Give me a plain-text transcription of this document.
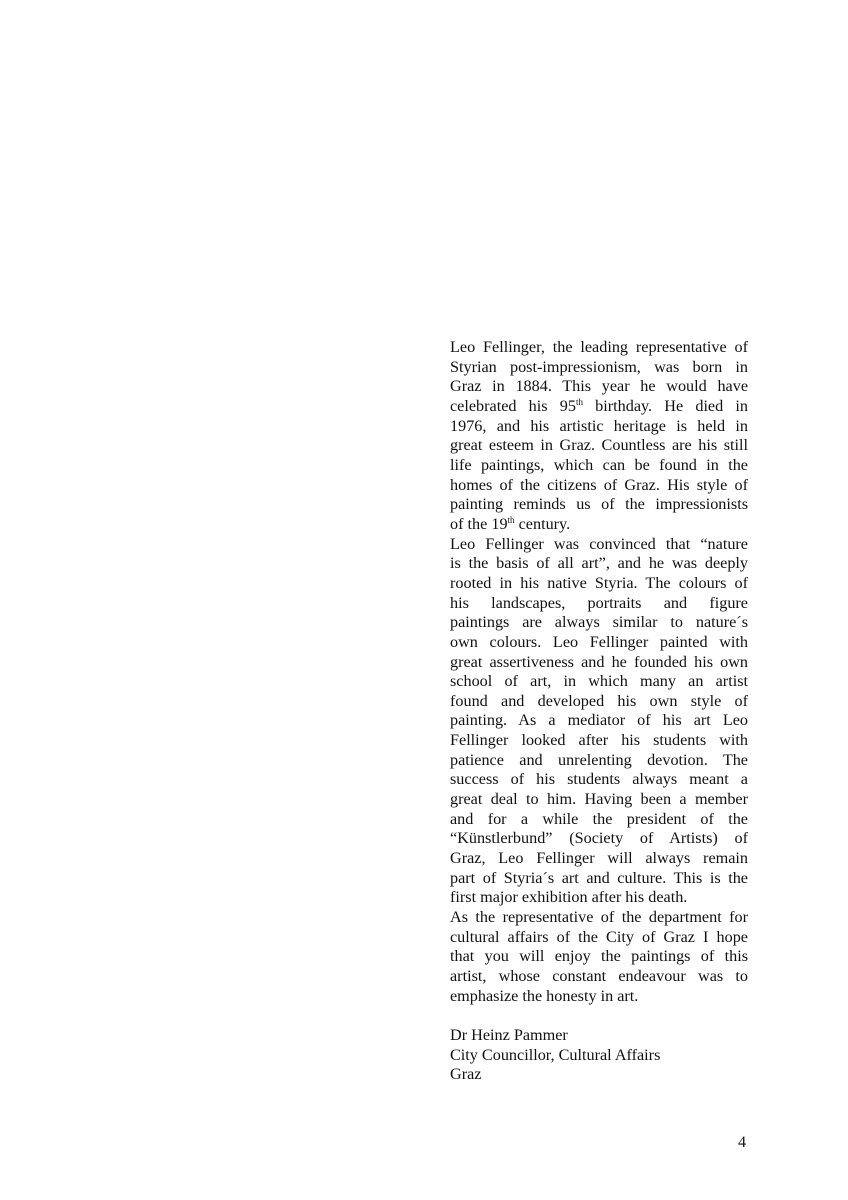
Leo Fellinger, the leading representative of
Styrian post-impressionism, was born in
Graz in 1884. This year he would have
celebrated his 95th birthday. He died in
1976, and his artistic heritage is held in
great esteem in Graz. Countless are his still
life paintings, which can be found in the
homes of the citizens of Graz. His style of
painting reminds us of the impressionists
of the 19th century.

Leo Fellinger was convinced that “nature
is the basis of all art”, and he was deeply
rooted in his native Styria. The colours of
his landscapes, portraits and figure
paintings are always similar to nature´s
own colours. Leo Fellinger painted with
great assertiveness and he founded his own
school of art, in which many an artist
found and developed his own style of
painting. As a mediator of his art Leo
Fellinger looked after his students with
patience and unrelenting devotion. The
success of his students always meant a
great deal to him. Having been a member
and for a while the president of the
“Künstlerbund” (Society of Artists) of
Graz, Leo Fellinger will always remain
part of Styria´s art and culture. This is the
first major exhibition after his death.

As the representative of the department for
cultural affairs of the City of Graz I hope
that you will enjoy the paintings of this
artist, whose constant endeavour was to
emphasize the honesty in art.

Dr Heinz Pammer
City Councillor, Cultural Affairs
Graz
4
